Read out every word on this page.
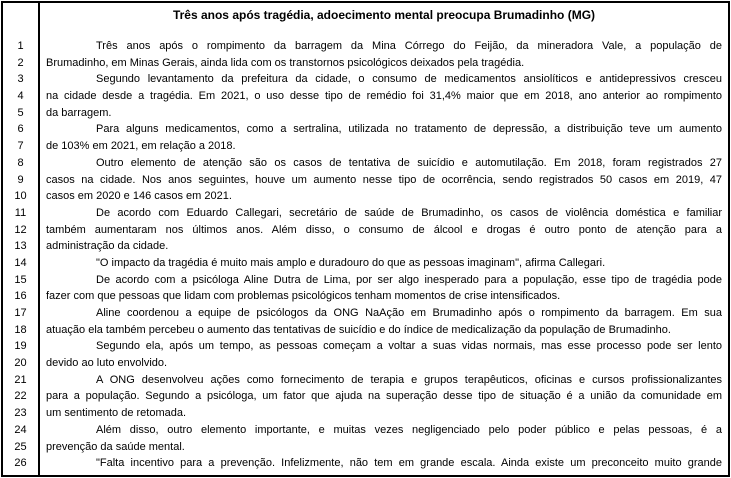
Três anos após tragédia, adoecimento mental preocupa Brumadinho (MG)
1	Três anos após o rompimento da barragem da Mina Córrego do Feijão, da mineradora Vale, a população de
2	Brumadinho, em Minas Gerais, ainda lida com os transtornos psicológicos deixados pela tragédia.
3	Segundo levantamento da prefeitura da cidade, o consumo de medicamentos ansiolíticos e antidepressivos cresceu
4	na cidade desde a tragédia. Em 2021, o uso desse tipo de remédio foi 31,4% maior que em 2018, ano anterior ao rompimento
5	da barragem.
6	Para alguns medicamentos, como a sertralina, utilizada no tratamento de depressão, a distribuição teve um aumento
7	de 103% em 2021, em relação a 2018.
8	Outro elemento de atenção são os casos de tentativa de suicídio e automutilação. Em 2018, foram registrados 27
9	casos na cidade. Nos anos seguintes, houve um aumento nesse tipo de ocorrência, sendo registrados 50 casos em 2019, 47
10	casos em 2020 e 146 casos em 2021.
11	De acordo com Eduardo Callegari, secretário de saúde de Brumadinho, os casos de violência doméstica e familiar
12	também aumentaram nos últimos anos. Além disso, o consumo de álcool e drogas é outro ponto de atenção para a
13	administração da cidade.
14	"O impacto da tragédia é muito mais amplo e duradouro do que as pessoas imaginam", afirma Callegari.
15	De acordo com a psicóloga Aline Dutra de Lima, por ser algo inesperado para a população, esse tipo de tragédia pode
16	fazer com que pessoas que lidam com problemas psicológicos tenham momentos de crise intensificados.
17	Aline coordenou a equipe de psicólogos da ONG NaAção em Brumadinho após o rompimento da barragem. Em sua
18	atuação ela também percebeu o aumento das tentativas de suicídio e do índice de medicalização da população de Brumadinho.
19	Segundo ela, após um tempo, as pessoas começam a voltar a suas vidas normais, mas esse processo pode ser lento
20	devido ao luto envolvido.
21	A ONG desenvolveu ações como fornecimento de terapia e grupos terapêuticos, oficinas e cursos profissionalizantes
22	para a população. Segundo a psicóloga, um fator que ajuda na superação desse tipo de situação é a união da comunidade em
23	um sentimento de retomada.
24	Além disso, outro elemento importante, e muitas vezes negligenciado pelo poder público e pelas pessoas, é a
25	prevenção da saúde mental.
26	"Falta incentivo para a prevenção. Infelizmente, não tem em grande escala. Ainda existe um preconceito muito grande
